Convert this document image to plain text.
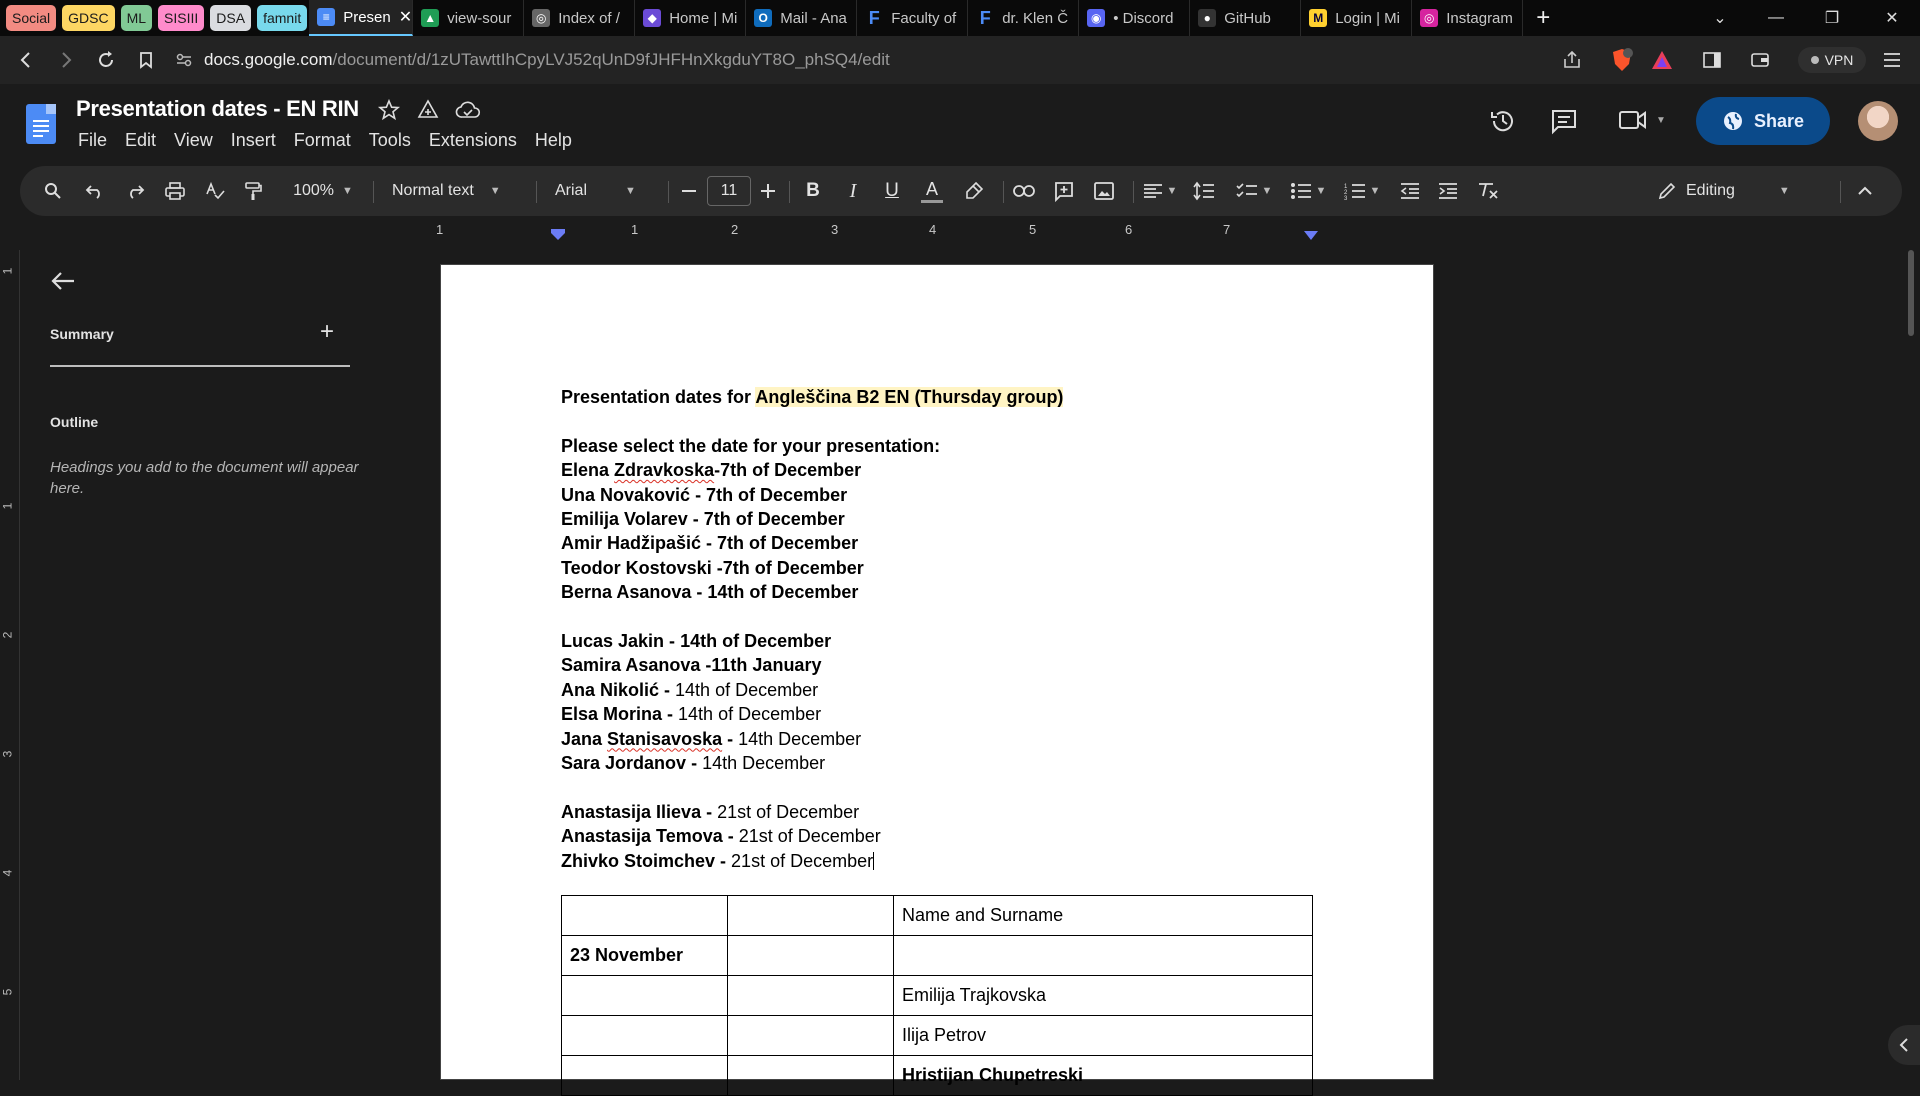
Social	GDSC	ML	SISIII	DSA	famnit	≡ Presen ✕ ▲ view-sour	◎ Index of /	◆ Home | Mi	O Mail - Ana F Faculty of F dr. Klen Č	◉ • Discord	● GitHub	M Login | Mi	◎ Instagram +	⌄	—	❐	✕
docs.google.com/document/d/1zUTawttIhCpyLVJ52qUnD9fJHFHnXkgduYT8O_phSQ4/edit	VPN
Presentation dates - EN RIN
File Edit View Insert Format Tools Extensions Help
▼	Share
100% ▼ Normal text ▼	Arial	▼	11	B	I	U	A	▼	▼	▼	1
2
3
▼	Editing	▼
1	1	2	3	4	5	6	7
1
1
2
3
4
5
Summary	+
Outline
Headings you add to the document will appear here.
Presentation dates for Angleščina B2 EN (Thursday group)
Please select the date for your presentation:
Elena Zdravkoska-7th of December
Una Novaković - 7th of December
Emilija Volarev - 7th of December
Amir Hadžipašić - 7th of December
Teodor Kostovski -7th of December
Berna Asanova - 14th of December
Lucas Jakin - 14th of December
Samira Asanova -11th January
Ana Nikolić - 14th of December
Elsa Morina - 14th of December
Jana Stanisavoska - 14th December
Sara Jordanov - 14th December
Anastasija Ilieva - 21st of December
Anastasija Temova - 21st of December
Zhivko Stoimchev - 21st of December
		Name and Surname
23 November		
		Emilija Trajkovska
		Ilija Petrov
		Hristijan Chupetreski
